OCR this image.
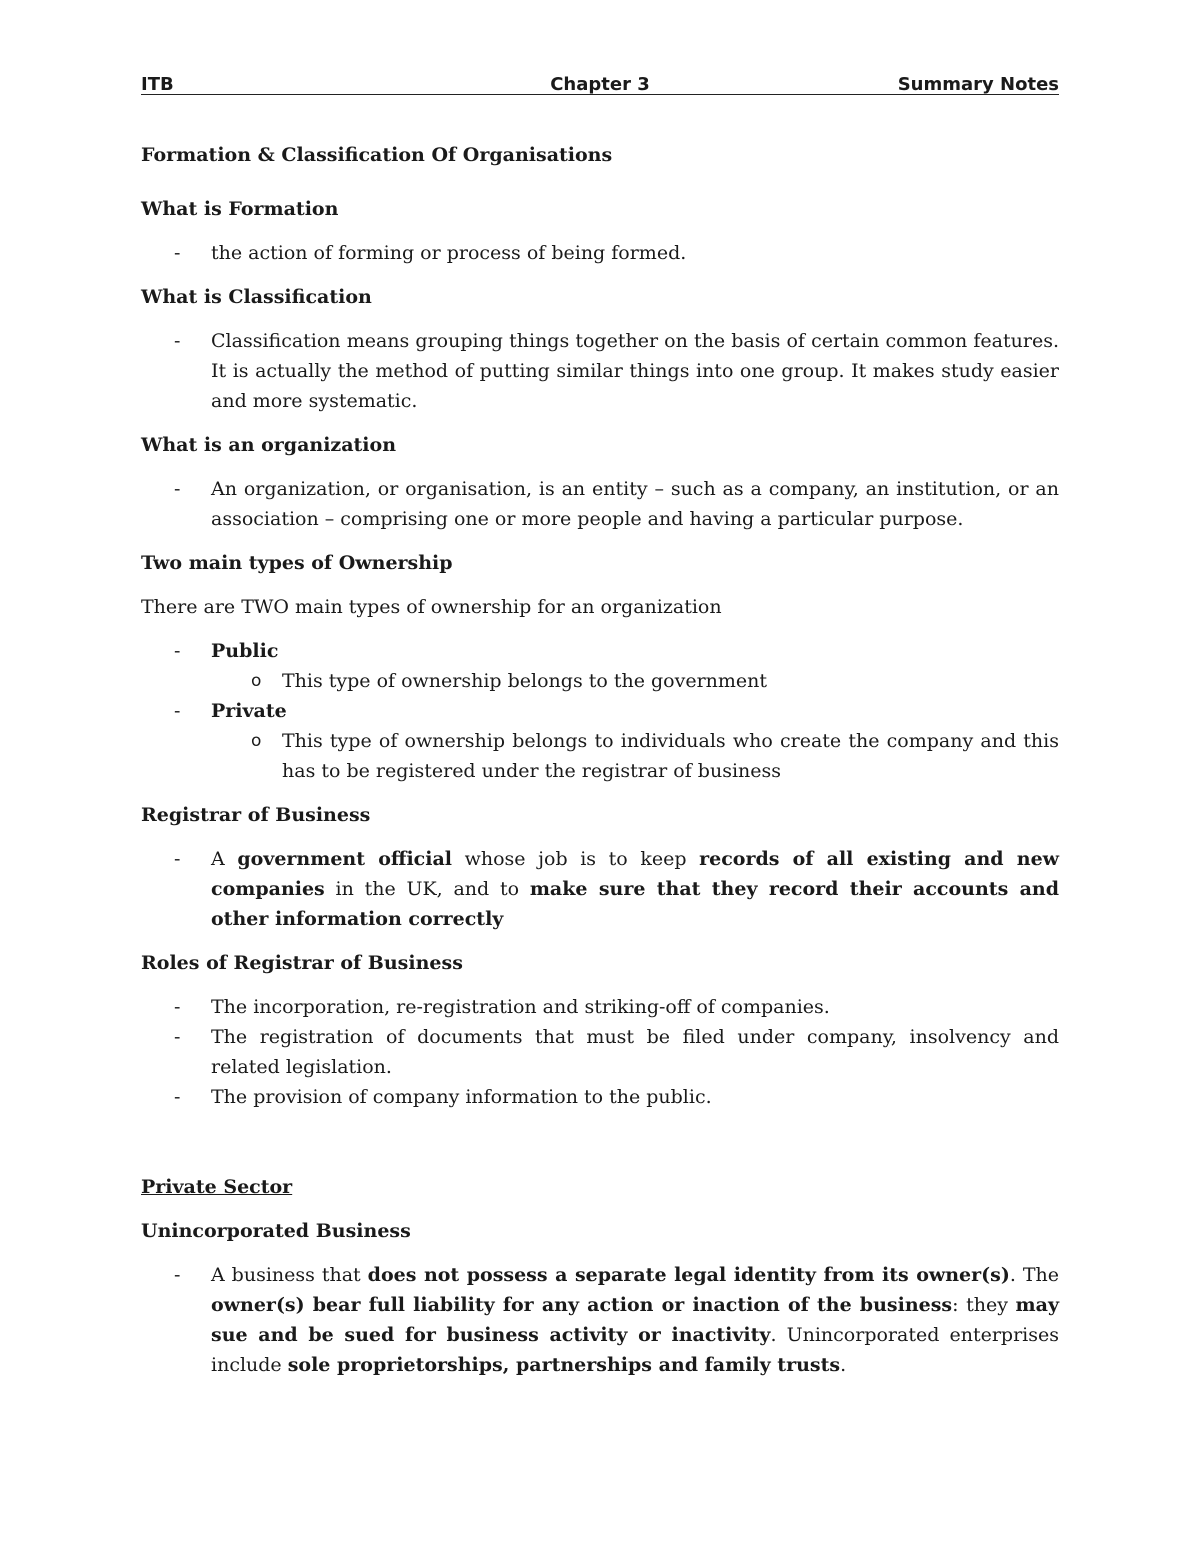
ITB	Chapter 3	Summary Notes

Formation & Classification Of Organisations

What is Formation

- the action of forming or process of being formed.

What is Classification

- Classification means grouping things together on the basis of certain common features. It is actually the method of putting similar things into one group. It makes study easier and more systematic.

What is an organization

- An organization, or organisation, is an entity – such as a company, an institution, or an association – comprising one or more people and having a particular purpose.

Two main types of Ownership

There are TWO main types of ownership for an organization

- Public
o This type of ownership belongs to the government
- Private
o This type of ownership belongs to individuals who create the company and this has to be registered under the registrar of business

Registrar of Business

- A government official whose job is to keep records of all existing and new companies in the UK, and to make sure that they record their accounts and other information correctly

Roles of Registrar of Business

- The incorporation, re-registration and striking-off of companies.
- The registration of documents that must be filed under company, insolvency and related legislation.
- The provision of company information to the public.

Private Sector

Unincorporated Business

- A business that does not possess a separate legal identity from its owner(s). The owner(s) bear full liability for any action or inaction of the business: they may sue and be sued for business activity or inactivity. Unincorporated enterprises include sole proprietorships, partnerships and family trusts.
